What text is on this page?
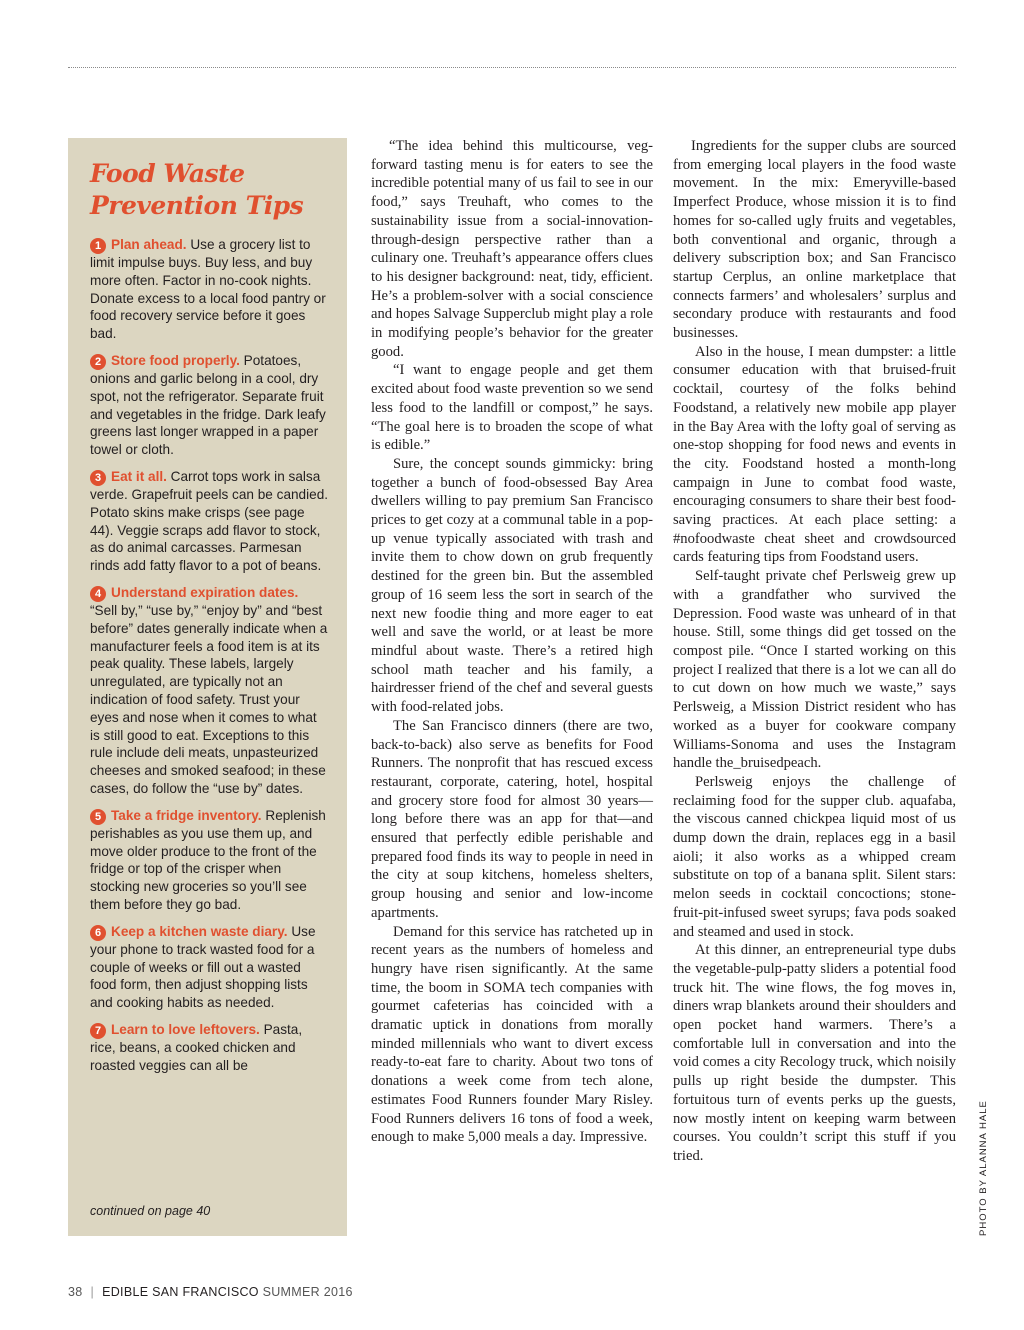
Food Waste Prevention Tips

1 Plan ahead. Use a grocery list to limit impulse buys. Buy less, and buy more often. Factor in no-cook nights. Donate excess to a local food pantry or food recovery service before it goes bad.

2 Store food properly. Potatoes, onions and garlic belong in a cool, dry spot, not the refrigerator. Separate fruit and vegetables in the fridge. Dark leafy greens last longer wrapped in a paper towel or cloth.

3 Eat it all. Carrot tops work in salsa verde. Grapefruit peels can be candied. Potato skins make crisps (see page 44). Veggie scraps add flavor to stock, as do animal carcasses. Parmesan rinds add fatty flavor to a pot of beans.

4 Understand expiration dates. “Sell by,” “use by,” “enjoy by” and “best before” dates generally indicate when a manufacturer feels a food item is at its peak quality. These labels, largely unregulated, are typically not an indication of food safety. Trust your eyes and nose when it comes to what is still good to eat. Exceptions to this rule include deli meats, unpasteurized cheeses and smoked seafood; in these cases, do follow the “use by” dates.

5 Take a fridge inventory. Replenish perishables as you use them up, and move older produce to the front of the fridge or top of the crisper when stocking new groceries so you’ll see them before they go bad.

6 Keep a kitchen waste diary. Use your phone to track wasted food for a couple of weeks or fill out a wasted food form, then adjust shopping lists and cooking habits as needed.

7 Learn to love leftovers. Pasta, rice, beans, a cooked chicken and roasted veggies can all be

continued on page 40

“The idea behind this multicourse, veg-forward tasting menu is for eaters to see the incredible potential many of us fail to see in our food,” says Treuhaft, who comes to the sustainability issue from a social-innovation-through-design perspective rather than a culinary one. Treuhaft’s appearance offers clues to his designer background: neat, tidy, efficient. He’s a problem-solver with a social conscience and hopes Salvage Supperclub might play a role in modifying people’s behavior for the greater good.

“I want to engage people and get them excited about food waste prevention so we send less food to the landfill or compost,” he says. “The goal here is to broaden the scope of what is edible.”

Sure, the concept sounds gimmicky: bring together a bunch of food-obsessed Bay Area dwellers willing to pay premium San Francisco prices to get cozy at a communal table in a pop-up venue typically associated with trash and invite them to chow down on grub frequently destined for the green bin. But the assembled group of 16 seem less the sort in search of the next new foodie thing and more eager to eat well and save the world, or at least be more mindful about waste. There’s a retired high school math teacher and his family, a hairdresser friend of the chef and several guests with food-related jobs.

The San Francisco dinners (there are two, back-to-back) also serve as benefits for Food Runners. The nonprofit that has rescued excess restaurant, corporate, catering, hotel, hospital and grocery store food for almost 30 years—long before there was an app for that—and ensured that perfectly edible perishable and prepared food finds its way to people in need in the city at soup kitchens, homeless shelters, group housing and senior and low-income apartments.

Demand for this service has ratcheted up in recent years as the numbers of homeless and hungry have risen significantly. At the same time, the boom in SOMA tech companies with gourmet cafeterias has coincided with a dramatic uptick in donations from morally minded millennials who want to divert excess ready-to-eat fare to charity. About two tons of donations a week come from tech alone, estimates Food Runners founder Mary Risley. Food Runners delivers 16 tons of food a week, enough to make 5,000 meals a day. Impressive.

Ingredients for the supper clubs are sourced from emerging local players in the food waste movement. In the mix: Emeryville-based Imperfect Produce, whose mission it is to find homes for so-called ugly fruits and vegetables, both conventional and organic, through a delivery subscription box; and San Francisco startup Cerplus, an online marketplace that connects farmers’ and wholesalers’ surplus and secondary produce with restaurants and food businesses.

Also in the house, I mean dumpster: a little consumer education with that bruised-fruit cocktail, courtesy of the folks behind Foodstand, a relatively new mobile app player in the Bay Area with the lofty goal of serving as one-stop shopping for food news and events in the city. Foodstand hosted a month-long campaign in June to combat food waste, encouraging consumers to share their best food-saving practices. At each place setting: a #nofoodwaste cheat sheet and crowdsourced cards featuring tips from Foodstand users.

Self-taught private chef Perlsweig grew up with a grandfather who survived the Depression. Food waste was unheard of in that house. Still, some things did get tossed on the compost pile. “Once I started working on this project I realized that there is a lot we can all do to cut down on how much we waste,” says Perlsweig, a Mission District resident who has worked as a buyer for cookware company Williams-Sonoma and uses the Instagram handle the_bruisedpeach.

Perlsweig enjoys the challenge of reclaiming food for the supper club. aquafaba, the viscous canned chickpea liquid most of us dump down the drain, replaces egg in a basil aioli; it also works as a whipped cream substitute on top of a banana split. Silent stars: melon seeds in cocktail concoctions; stone-fruit-pit-infused sweet syrups; fava pods soaked and steamed and used in stock.

At this dinner, an entrepreneurial type dubs the vegetable-pulp-patty sliders a potential food truck hit. The wine flows, the fog moves in, diners wrap blankets around their shoulders and open pocket hand warmers. There’s a comfortable lull in conversation and into the void comes a city Recology truck, which noisily pulls up right beside the dumpster. This fortuitous turn of events perks up the guests, now mostly intent on keeping warm between courses. You couldn’t script this stuff if you tried.	PHOTO BY ALANNA HALE
38 | EDIBLE SAN FRANCISCO SUMMER 2016
